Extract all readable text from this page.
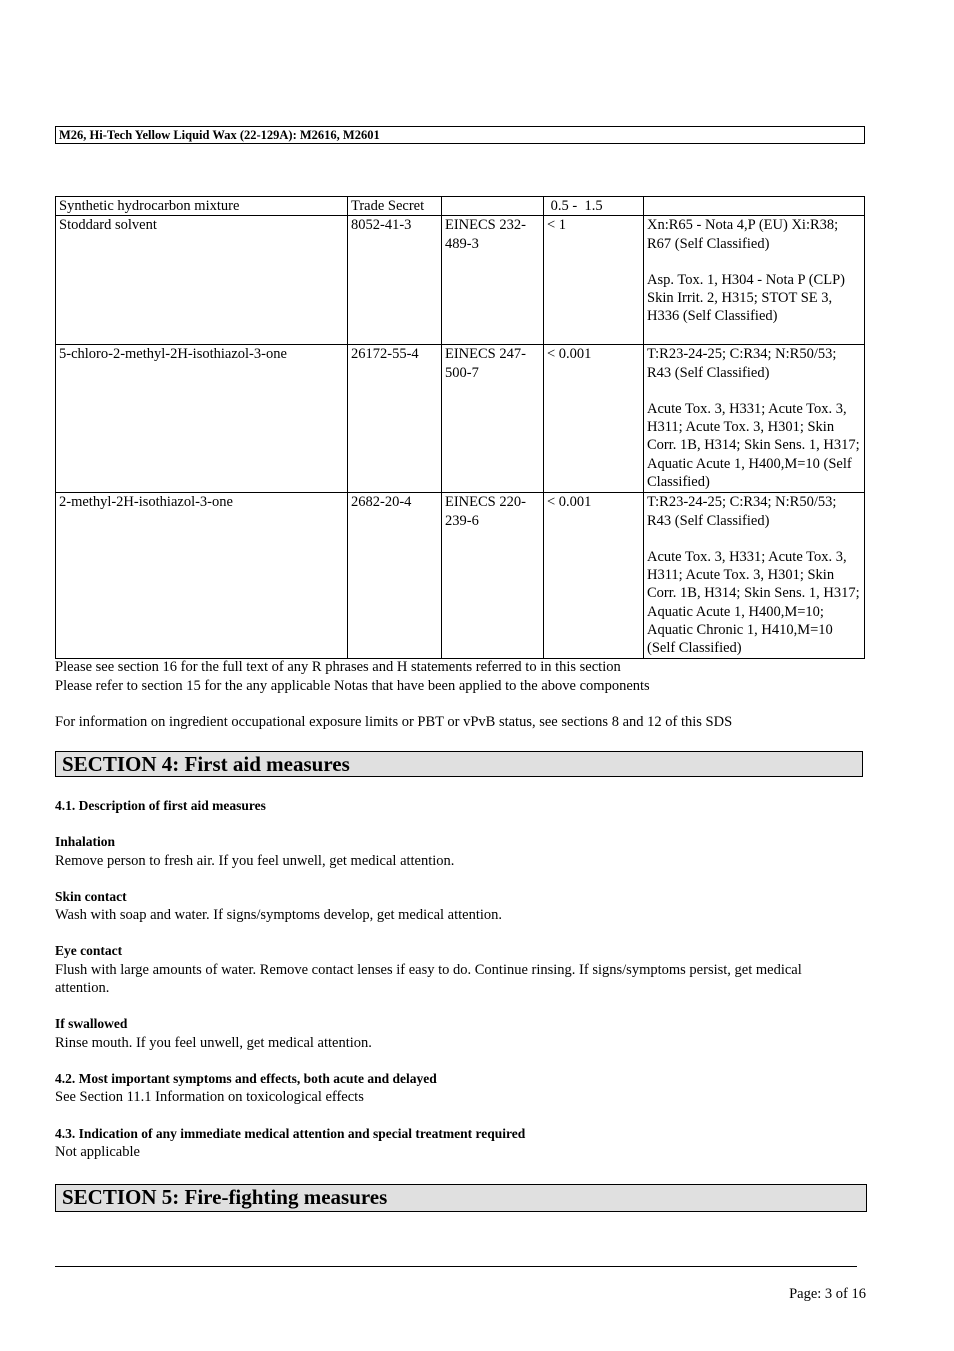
M26, Hi-Tech Yellow Liquid Wax (22-129A): M2616, M2601
Synthetic hydrocarbon mixture	Trade Secret		0.5 -  1.5	
Stoddard solvent	8052-41-3	EINECS 232-489-3	< 1	Xn:R65 - Nota 4,P (EU) Xi:R38; R67 (Self Classified)
Asp. Tox. 1, H304 - Nota P (CLP) Skin Irrit. 2, H315; STOT SE 3, H336 (Self Classified)

5-chloro-2-methyl-2H-isothiazol-3-one	26172-55-4	EINECS 247-500-7	< 0.001	T:R23-24-25; C:R34; N:R50/53; R43 (Self Classified)
Acute Tox. 3, H331; Acute Tox. 3, H311; Acute Tox. 3, H301; Skin Corr. 1B, H314; Skin Sens. 1, H317; Aquatic Acute 1, H400,M=10 (Self Classified)

2-methyl-2H-isothiazol-3-one	2682-20-4	EINECS 220-239-6	< 0.001	T:R23-24-25; C:R34; N:R50/53; R43 (Self Classified)
Acute Tox. 3, H331; Acute Tox. 3, H311; Acute Tox. 3, H301; Skin Corr. 1B, H314; Skin Sens. 1, H317; Aquatic Acute 1, H400,M=10; Aquatic Chronic 1, H410,M=10 (Self Classified)
Please see section 16 for the full text of any R phrases and H statements referred to in this section
Please refer to section 15 for the any applicable Notas that have been applied to the above components
For information on ingredient occupational exposure limits or PBT or vPvB status, see sections 8 and 12 of this SDS
SECTION 4: First aid measures
4.1. Description of first aid measures
Inhalation
Remove person to fresh air. If you feel unwell, get medical attention.
Skin contact
Wash with soap and water. If signs/symptoms develop, get medical attention.
Eye contact
Flush with large amounts of water. Remove contact lenses if easy to do. Continue rinsing. If signs/symptoms persist, get medical attention.
If swallowed
Rinse mouth. If you feel unwell, get medical attention.
4.2. Most important symptoms and effects, both acute and delayed
See Section 11.1 Information on toxicological effects
4.3. Indication of any immediate medical attention and special treatment required
Not applicable
SECTION 5: Fire-fighting measures
Page: 3 of 16
